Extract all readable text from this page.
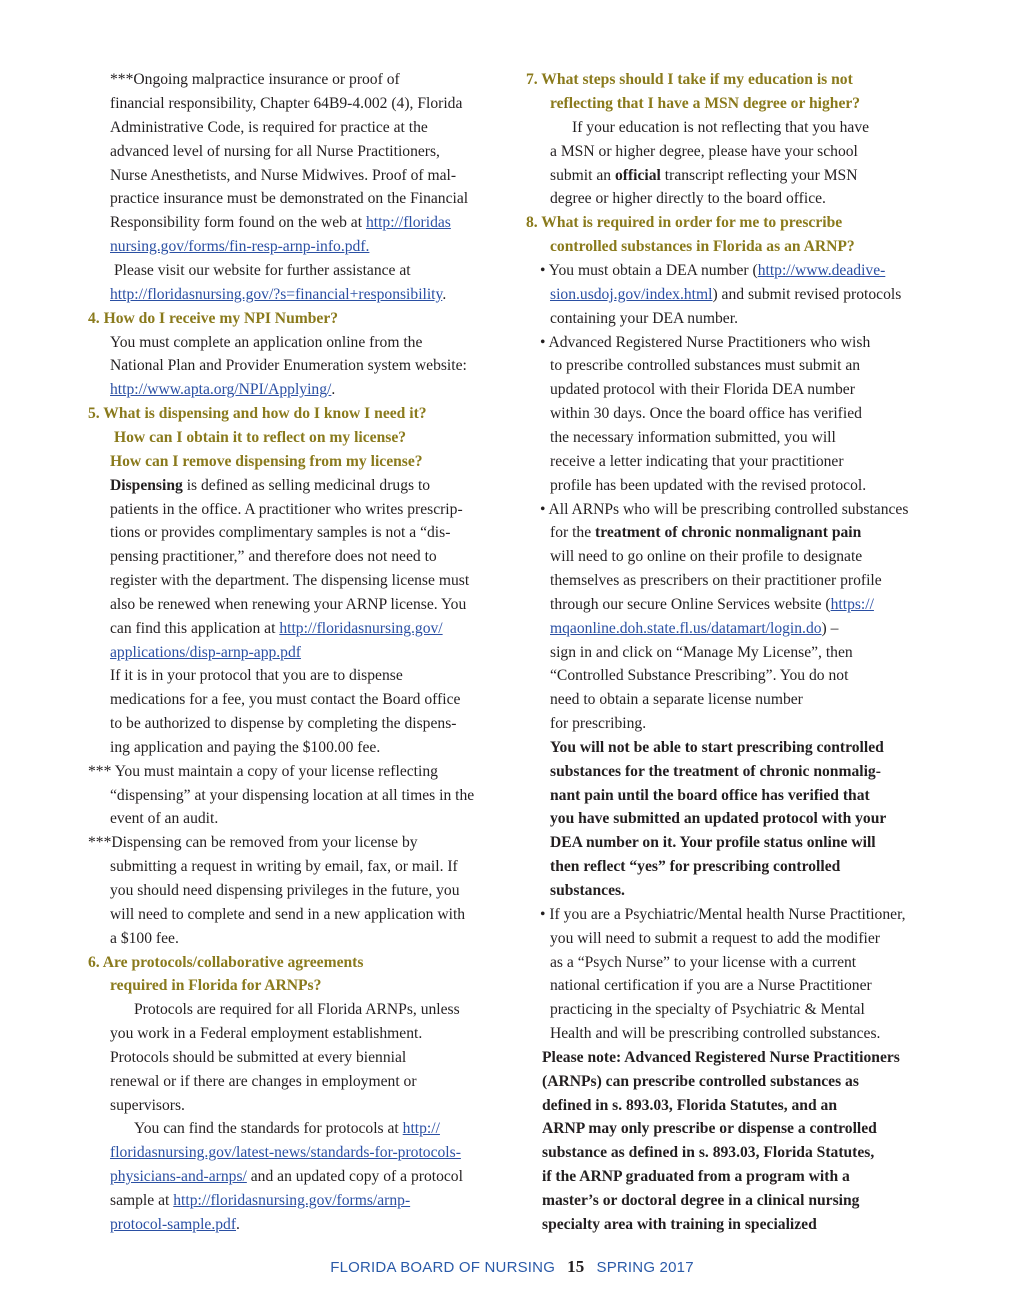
***Ongoing malpractice insurance or proof of
financial responsibility, Chapter 64B9-4.002 (4), Florida
Administrative Code, is required for practice at the
advanced level of nursing for all Nurse Practitioners,
Nurse Anesthetists, and Nurse Midwives. Proof of mal-
practice insurance must be demonstrated on the Financial
Responsibility form found on the web at http://floridas
nursing.gov/forms/fin-resp-arnp-info.pdf.
Please visit our website for further assistance at
http://floridasnursing.gov/?s=financial+responsibility.
4. How do I receive my NPI Number?
You must complete an application online from the
National Plan and Provider Enumeration system website:
http://www.apta.org/NPI/Applying/.
5. What is dispensing and how do I know I need it?
How can I obtain it to reflect on my license?
How can I remove dispensing from my license?
Dispensing is defined as selling medicinal drugs to
patients in the office. A practitioner who writes prescrip-
tions or provides complimentary samples is not a “dis-
pensing practitioner,” and therefore does not need to
register with the department. The dispensing license must
also be renewed when renewing your ARNP license. You
can find this application at http://floridasnursing.gov/
applications/disp-arnp-app.pdf
If it is in your protocol that you are to dispense
medications for a fee, you must contact the Board office
to be authorized to dispense by completing the dispens-
ing application and paying the $100.00 fee.
*** You must maintain a copy of your license reflecting
“dispensing” at your dispensing location at all times in the
event of an audit.
***Dispensing can be removed from your license by
submitting a request in writing by email, fax, or mail. If
you should need dispensing privileges in the future, you
will need to complete and send in a new application with
a $100 fee.
6. Are protocols/collaborative agreements
required in Florida for ARNPs?
Protocols are required for all Florida ARNPs, unless
you work in a Federal employment establishment.
Protocols should be submitted at every biennial
renewal or if there are changes in employment or
supervisors.
You can find the standards for protocols at http://
floridasnursing.gov/latest-news/standards-for-protocols-
physicians-and-arnps/ and an updated copy of a protocol
sample at http://floridasnursing.gov/forms/arnp-
protocol-sample.pdf.
7. What steps should I take if my education is not
reflecting that I have a MSN degree or higher?
If your education is not reflecting that you have
a MSN or higher degree, please have your school
submit an official transcript reflecting your MSN
degree or higher directly to the board office.
8. What is required in order for me to prescribe
controlled substances in Florida as an ARNP?
• You must obtain a DEA number (http://www.deadive-
sion.usdoj.gov/index.html) and submit revised protocols
containing your DEA number.
• Advanced Registered Nurse Practitioners who wish
to prescribe controlled substances must submit an
updated protocol with their Florida DEA number
within 30 days. Once the board office has verified
the necessary information submitted, you will
receive a letter indicating that your practitioner
profile has been updated with the revised protocol.
• All ARNPs who will be prescribing controlled substances
for the treatment of chronic nonmalignant pain
will need to go online on their profile to designate
themselves as prescribers on their practitioner profile
through our secure Online Services website (https://
mqaonline.doh.state.fl.us/datamart/login.do) –
sign in and click on “Manage My License”, then
“Controlled Substance Prescribing”. You do not
need to obtain a separate license number
for prescribing.
You will not be able to start prescribing controlled
substances for the treatment of chronic nonmalig-
nant pain until the board office has verified that
you have submitted an updated protocol with your
DEA number on it. Your profile status online will
then reflect “yes” for prescribing controlled
substances.
• If you are a Psychiatric/Mental health Nurse Practitioner,
you will need to submit a request to add the modifier
as a “Psych Nurse” to your license with a current
national certification if you are a Nurse Practitioner
practicing in the specialty of Psychiatric & Mental
Health and will be prescribing controlled substances.
Please note: Advanced Registered Nurse Practitioners
(ARNPs) can prescribe controlled substances as
defined in s. 893.03, Florida Statutes, and an
ARNP may only prescribe or dispense a controlled
substance as defined in s. 893.03, Florida Statutes,
if the ARNP graduated from a program with a
master’s or doctoral degree in a clinical nursing
specialty area with training in specialized
FLORIDA BOARD OF NURSING 15 SPRING 2017
